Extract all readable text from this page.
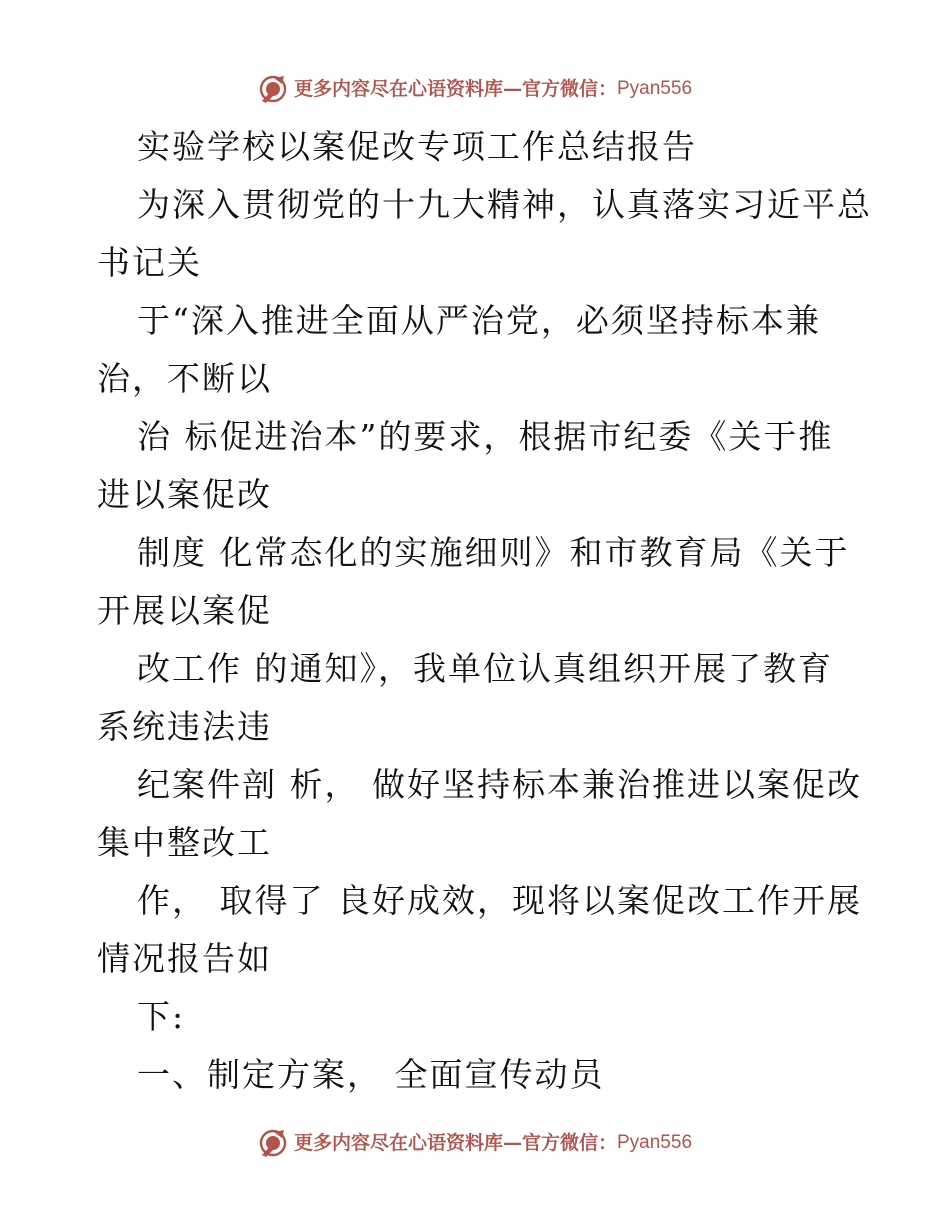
更多内容尽在心语资料库—官方微信： Pyan556
实验学校以案促改专项工作总结报告
为深入贯彻党的十九大精神，认真落实习近平总
书记关
于“深入推进全面从严治党，必须坚持标本兼
治，不断以
治 标促进治本”的要求，根据市纪委《关于推
进以案促改
制度 化常态化的实施细则》和市教育局《关于
开展以案促
改工作 的通知》，我单位认真组织开展了教育
系统违法违
纪案件剖 析， 做好坚持标本兼治推进以案促改
集中整改工
作， 取得了 良好成效，现将以案促改工作开展
情况报告如
下:
一、制定方案， 全面宣传动员
更多内容尽在心语资料库—官方微信： Pyan556
